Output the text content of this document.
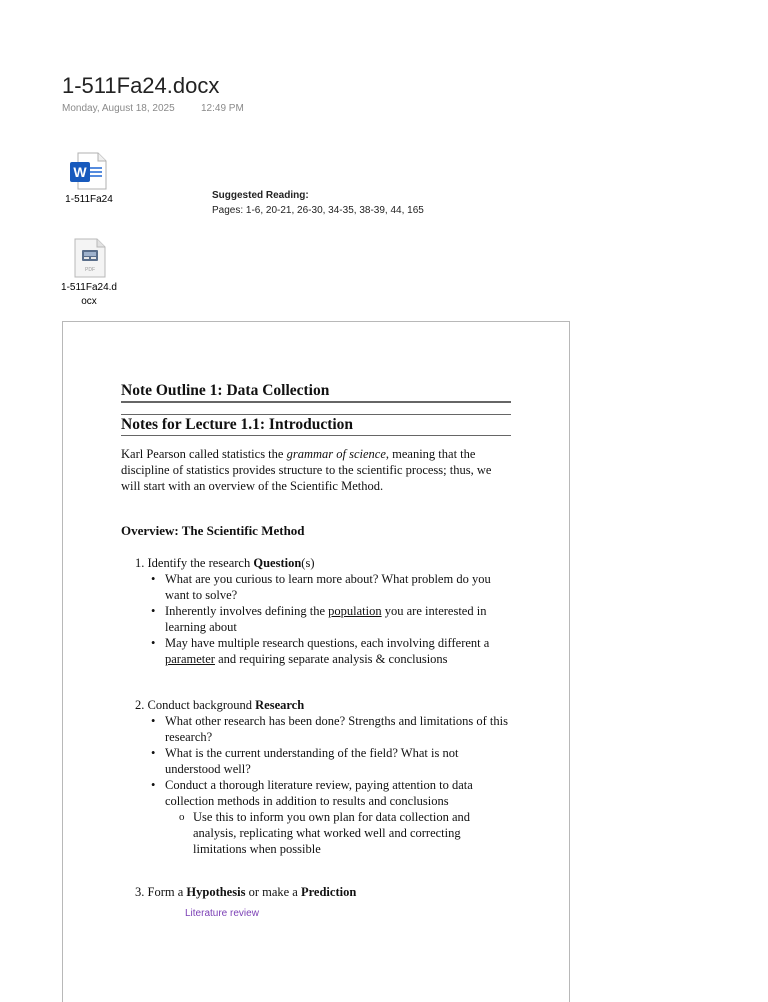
1-511Fa24.docx
Monday, August 18, 2025	12:49 PM
W
1-511Fa24
PDF
1-511Fa24.d ocx
Suggested Reading:
Pages: 1-6, 20-21, 26-30, 34-35, 38-39, 44, 165
Note Outline 1: Data Collection
Notes for Lecture 1.1: Introduction
Karl Pearson called statistics the grammar of science, meaning that the discipline of statistics provides structure to the scientific process; thus, we will start with an overview of the Scientific Method.
Overview: The Scientific Method
1. Identify the research Question(s)
• What are you curious to learn more about? What problem do you want to solve?
• Inherently involves defining the population you are interested in learning about
• May have multiple research questions, each involving different a parameter and requiring separate analysis & conclusions
2. Conduct background Research
• What other research has been done? Strengths and limitations of this research?
• What is the current understanding of the field? What is not understood well?
• Conduct a thorough literature review, paying attention to data collection methods in addition to results and conclusions
o Use this to inform you own plan for data collection and analysis, replicating what worked well and correcting limitations when possible
3. Form a Hypothesis or make a Prediction
Literature review
